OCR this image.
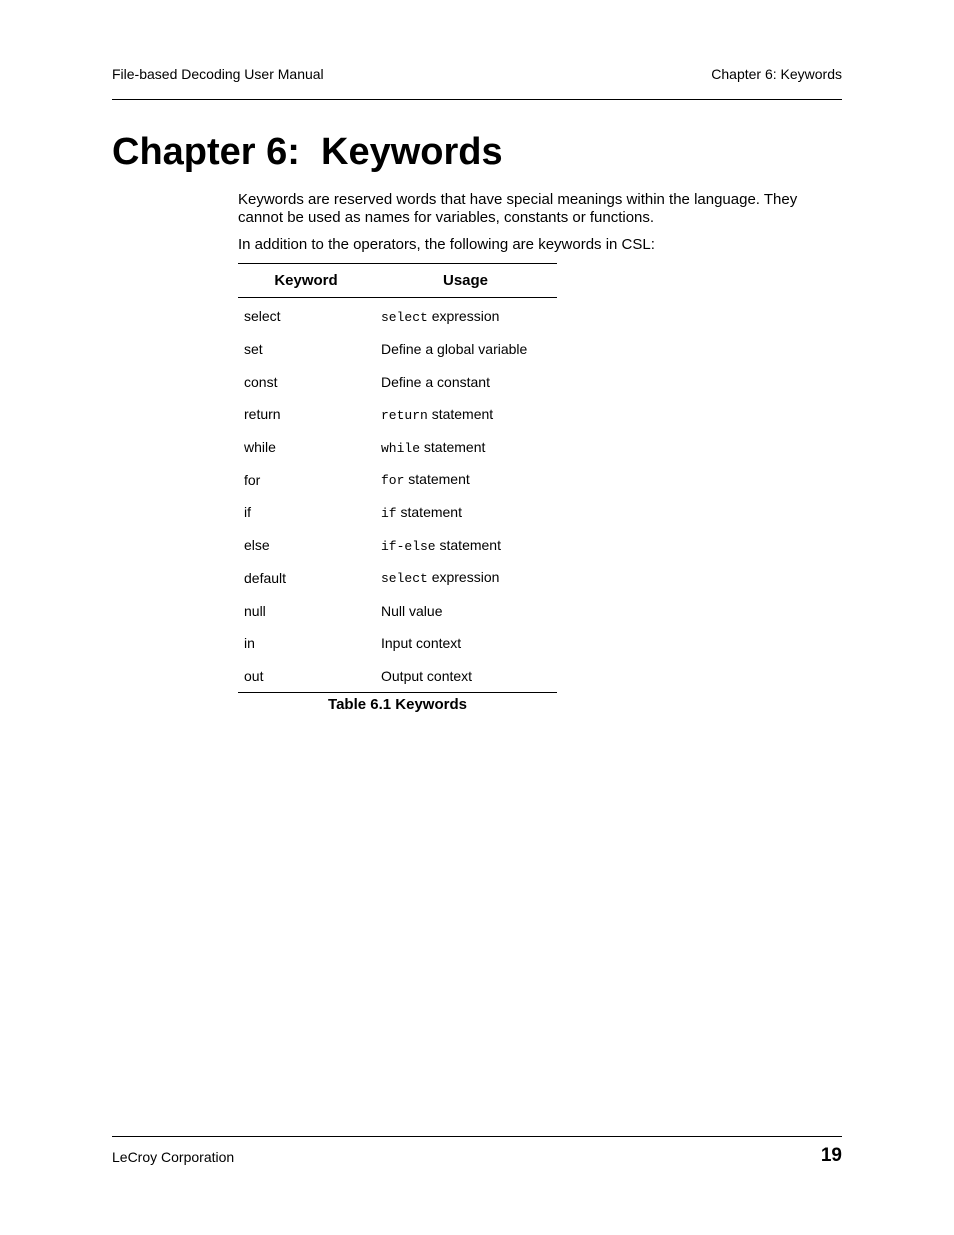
File-based Decoding User Manual	Chapter 6: Keywords
Chapter 6:  Keywords

Keywords are reserved words that have special meanings within the language. They cannot be used as names for variables, constants or functions.

In addition to the operators, the following are keywords in CSL:

Keyword	Usage
select	select expression
set	Define a global variable
const	Define a constant
return	return statement
while	while statement
for	for statement
if	if statement
else	if-else statement
default	select expression
null	Null value
in	Input context
out	Output context
Table 6.1 Keywords
LeCroy Corporation	19
